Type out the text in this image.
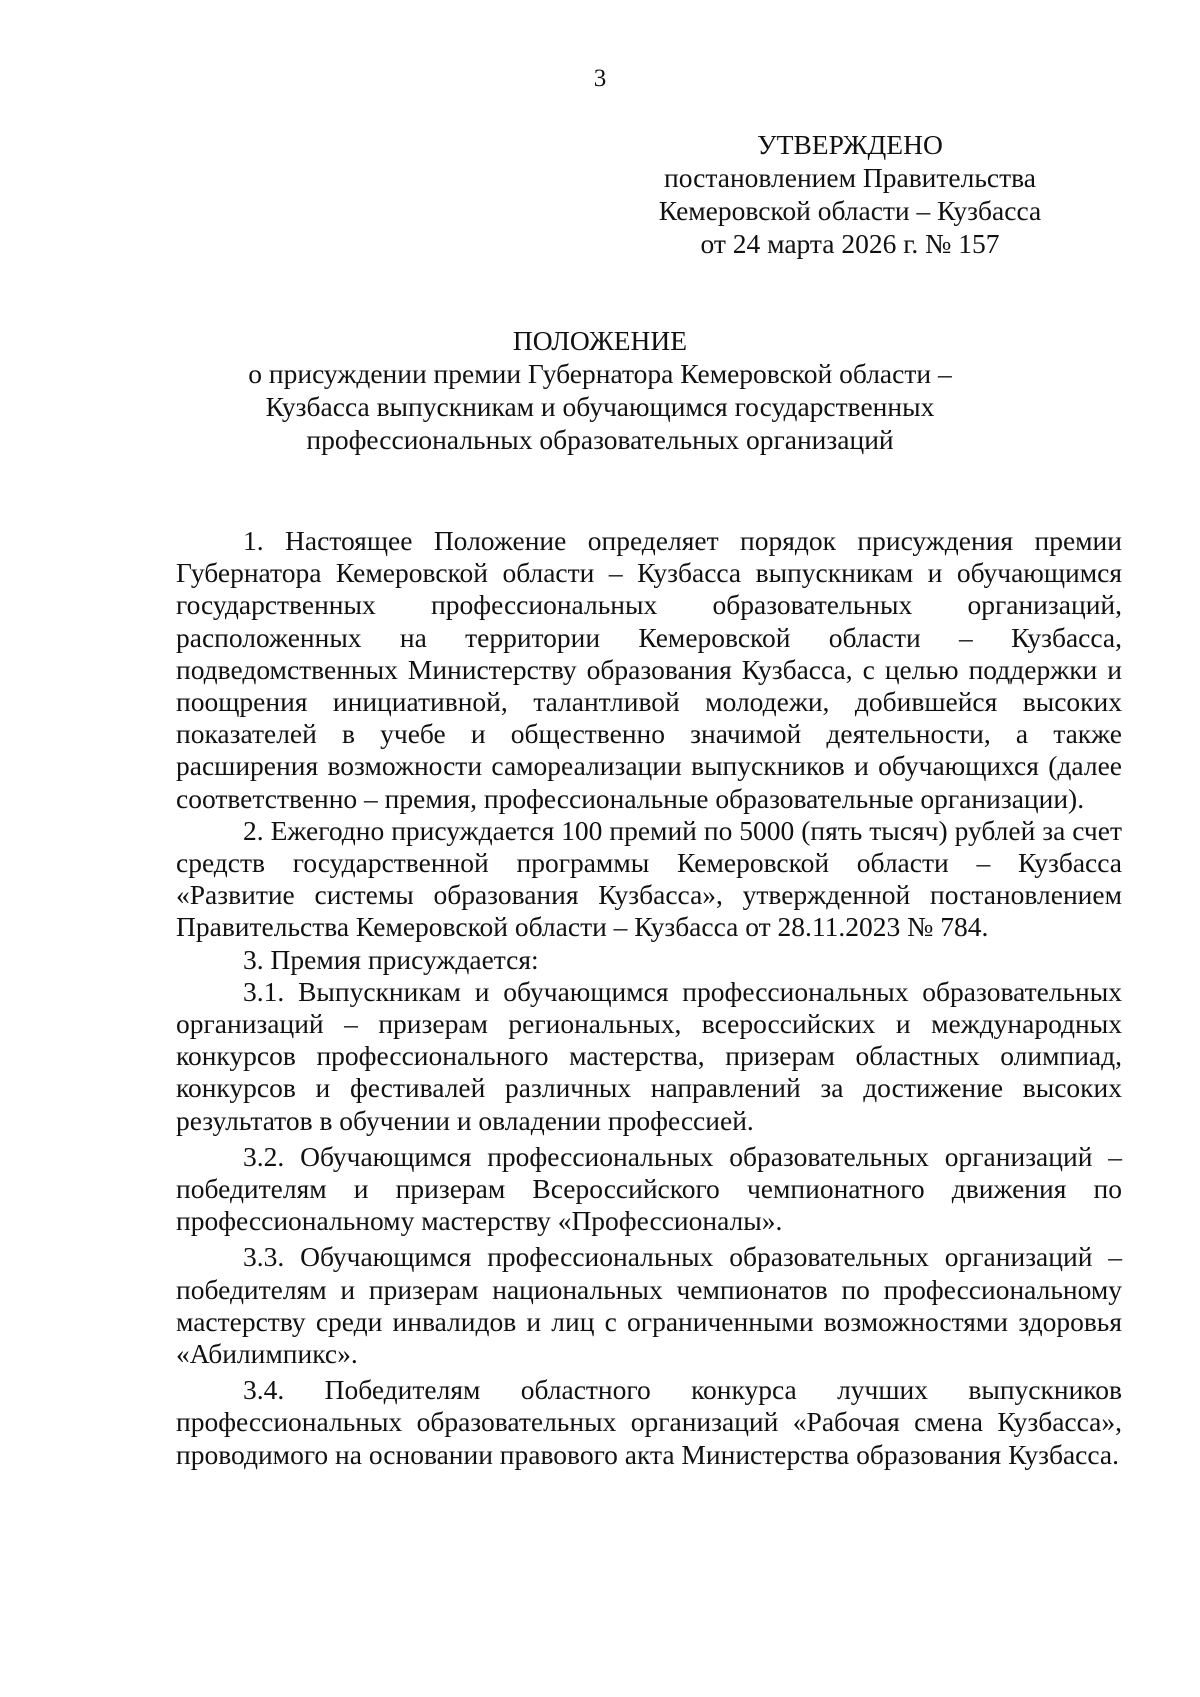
3
УТВЕРЖДЕНО
постановлением Правительства
Кемеровской области – Кузбасса
от 24 марта 2026 г. № 157
ПОЛОЖЕНИЕ
о присуждении премии Губернатора Кемеровской области –
Кузбасса выпускникам и обучающимся государственных
профессиональных образовательных организаций

1. Настоящее Положение определяет порядок присуждения премии Губернатора Кемеровской области – Кузбасса выпускникам и обучающимся государственных профессиональных образовательных организаций, расположенных на территории Кемеровской области – Кузбасса, подведомственных Министерству образования Кузбасса, с целью поддержки и поощрения инициативной, талантливой молодежи, добившейся высоких показателей в учебе и общественно значимой деятельности, а также расширения возможности самореализации выпускников и обучающихся (далее соответственно – премия, профессиональные образовательные организации).

2. Ежегодно присуждается 100 премий по 5000 (пять тысяч) рублей за счет средств государственной программы Кемеровской области – Кузбасса «Развитие системы образования Кузбасса», утвержденной постановлением Правительства Кемеровской области – Кузбасса от 28.11.2023 № 784.

3. Премия присуждается:

3.1. Выпускникам и обучающимся профессиональных образовательных организаций – призерам региональных, всероссийских и международных конкурсов профессионального мастерства, призерам областных олимпиад, конкурсов и фестивалей различных направлений за достижение высоких результатов в обучении и овладении профессией.

3.2. Обучающимся профессиональных образовательных организаций – победителям и призерам Всероссийского чемпионатного движения по профессиональному мастерству «Профессионалы».

3.3. Обучающимся профессиональных образовательных организаций – победителям и призерам национальных чемпионатов по профессиональному мастерству среди инвалидов и лиц с ограниченными возможностями здоровья «Абилимпикс».

3.4. Победителям областного конкурса лучших выпускников профессиональных образовательных организаций «Рабочая смена Кузбасса», проводимого на основании правового акта Министерства образования Кузбасса.
